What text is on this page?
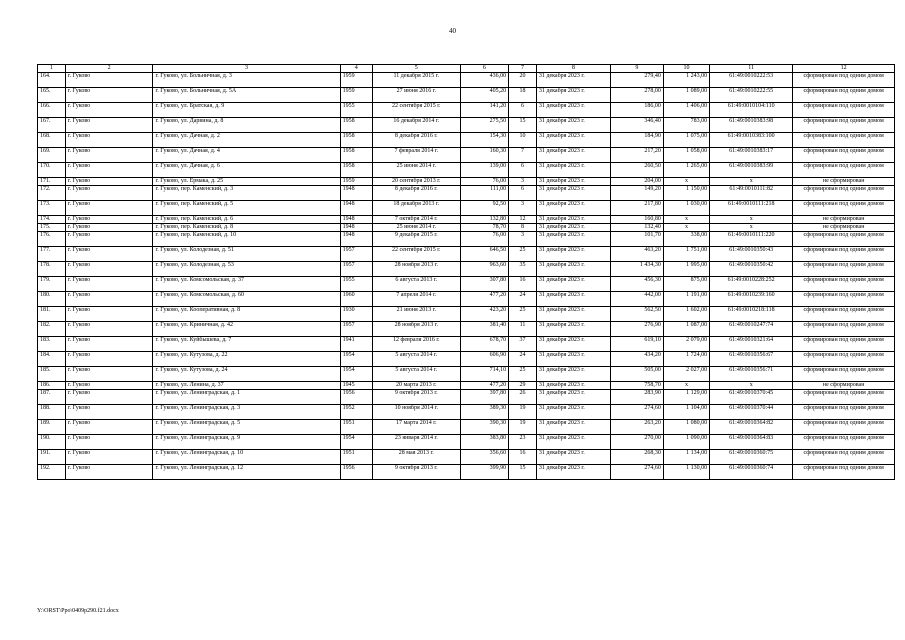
40
1	2	3	4	5	6	7	8	9	10	11	12
164.	г. Гуково	г. Гуково, ул. Больничная, д. 3	1959	11 декабря 2015 г.	436,00	20	31 декабря 2023 г.	279,40	1 243,00	61:49:0010222:53	сформирован под одним домом
165.	г. Гуково	г. Гуково, ул. Больничная, д. 5А	1959	27 июня 2016 г.	405,20	18	31 декабря 2023 г.	278,00	1 089,00	61:49:0010222:55	сформирован под одним домом
166.	г. Гуково	г. Гуково, ул. Братская, д. 9	1955	22 сентября 2015 г.	141,20	6	31 декабря 2023 г.	186,00	1 406,00	61:49:0010104:110	сформирован под одним домом
167.	г. Гуково	г. Гуково, ул. Дарвина, д. 8	1958	16 декабря 2014 г.	275,50	15	31 декабря 2023 г.	346,40	783,00	61:49:0010383:98	сформирован под одним домом
168.	г. Гуково	г. Гуково, ул. Дачная, д. 2	1958	8 декабря 2016 г.	154,30	10	31 декабря 2023 г.	184,90	1 075,00	61:49:0010383:100	сформирован под одним домом
169.	г. Гуково	г. Гуково, ул. Дачная, д. 4	1958	7 февраля 2014 г.	160,30	7	31 декабря 2023 г.	217,20	1 058,00	61:49:0010383:17	сформирован под одним домом
170.	г. Гуково	г. Гуково, ул. Дачная, д. 6	1958	25 июня 2014 г.	139,00	6	31 декабря 2023 г.	260,50	1 265,00	61:49:0010383:99	сформирован под одним домом
171.	г. Гуково	г. Гуково, ул. Ермака, д. 25	1959	20 сентября 2013 г.	76,00	3	31 декабря 2023 г.	204,00	x	x	не сформирован
172.	г. Гуково	г. Гуково, пер. Каменский, д. 3	1948	8 декабря 2016 г.	111,00	6	31 декабря 2023 г.	149,20	1 150,00	61:49:0010111:82	сформирован под одним домом
173.	г. Гуково	г. Гуково, пер. Каменский, д. 5	1948	18 декабря 2013 г.	92,50	3	31 декабря 2023 г.	217,80	1 030,00	61:49:0010111:218	сформирован под одним домом
174.	г. Гуково	г. Гуково, пер. Каменский, д. 6	1948	7 октября 2014 г.	132,80	12	31 декабря 2023 г.	160,80	x	x	не сформирован
175.	г. Гуково	г. Гуково, пер. Каменский, д. 8	1948	25 июня 2014 г.	78,70	8	31 декабря 2023 г.	132,40	x	x	не сформирован
176.	г. Гуково	г. Гуково, пер. Каменский, д. 10	1948	9 декабря 2015 г.	76,00	3	31 декабря 2023 г.	101,70	338,00	61:49:0010111:220	сформирован под одним домом
177.	г. Гуково	г. Гуково, ул. Колодезная, д. 51	1957	22 сентября 2015 г.	646,50	25	31 декабря 2023 г.	463,20	1 751,00	61:49:0010350:43	сформирован под одним домом
178.	г. Гуково	г. Гуково, ул. Колодезная, д. 53	1957	28 ноября 2013 г.	963,60	35	31 декабря 2023 г.	1 434,30	1 995,00	61:49:0010350:42	сформирован под одним домом
179.	г. Гуково	г. Гуково, ул. Комсомольская, д. 37	1955	6 августа 2013 г.	307,80	16	31 декабря 2023 г.	456,30	875,00	61:49:0010228:252	сформирован под одним домом
180.	г. Гуково	г. Гуково, ул. Комсомольская, д. 60	1960	7 апреля 2014 г.	477,20	24	31 декабря 2023 г.	442,00	1 191,00	61:49:0010239:160	сформирован под одним домом
181.	г. Гуково	г. Гуково, ул. Кооперативная, д. 8	1930	21 июня 2013 г.	423,20	25	31 декабря 2023 г.	562,50	1 602,00	61:49:0010218:118	сформирован под одним домом
182.	г. Гуково	г. Гуково, ул. Криничная, д. 42	1957	28 ноября 2013 г.	381,40	11	31 декабря 2023 г.	276,90	1 087,00	61:49:0010247:74	сформирован под одним домом
183.	г. Гуково	г. Гуково, ул. Куйбышева, д. 7	1941	12 февраля 2016 г.	678,70	37	31 декабря 2023 г.	619,10	2 079,00	61:49:0010321:64	сформирован под одним домом
184.	г. Гуково	г. Гуково, ул. Кутузова, д. 22	1954	5 августа 2014 г.	606,90	24	31 декабря 2023 г.	434,20	1 724,00	61:49:0010356:67	сформирован под одним домом
185.	г. Гуково	г. Гуково, ул. Кутузова, д. 24	1954	5 августа 2014 г.	714,10	25	31 декабря 2023 г.	505,00	2 027,00	61:49:0010356:71	сформирован под одним домом
186.	г. Гуково	г. Гуково, ул. Ленина, д. 37	1945	20 марта 2013 г.	477,20	29	31 декабря 2023 г.	758,70	x	x	не сформирован
187.	г. Гуково	г. Гуково, ул. Ленинградская, д. 1	1956	9 октября 2013 г.	397,80	26	31 декабря 2023 г.	283,90	1 129,00	61:49:0010370:45	сформирован под одним домом
188.	г. Гуково	г. Гуково, ул. Ленинградская, д. 3	1952	10 ноября 2014 г.	389,30	19	31 декабря 2023 г.	274,60	1 104,00	61:49:0010370:44	сформирован под одним домом
189.	г. Гуково	г. Гуково, ул. Ленинградская, д. 5	1951	17 марта 2014 г.	390,30	19	31 декабря 2023 г.	263,20	1 080,00	61:49:0010364:82	сформирован под одним домом
190.	г. Гуково	г. Гуково, ул. Ленинградская, д. 9	1954	23 января 2014 г.	383,80	23	31 декабря 2023 г.	270,00	1 090,00	61:49:0010364:83	сформирован под одним домом
191.	г. Гуково	г. Гуково, ул. Ленинградская, д. 10	1951	28 мая 2013 г.	356,60	16	31 декабря 2023 г.	268,30	1 134,00	61:49:0010360:75	сформирован под одним домом
192.	г. Гуково	г. Гуково, ул. Ленинградская, д. 12	1956	9 октября 2013 г.	399,90	15	31 декабря 2023 г.	274,60	1 130,00	61:49:0010360:74	сформирован под одним домом
Y:\ORST\Ppo\0409p290.f21.docx
